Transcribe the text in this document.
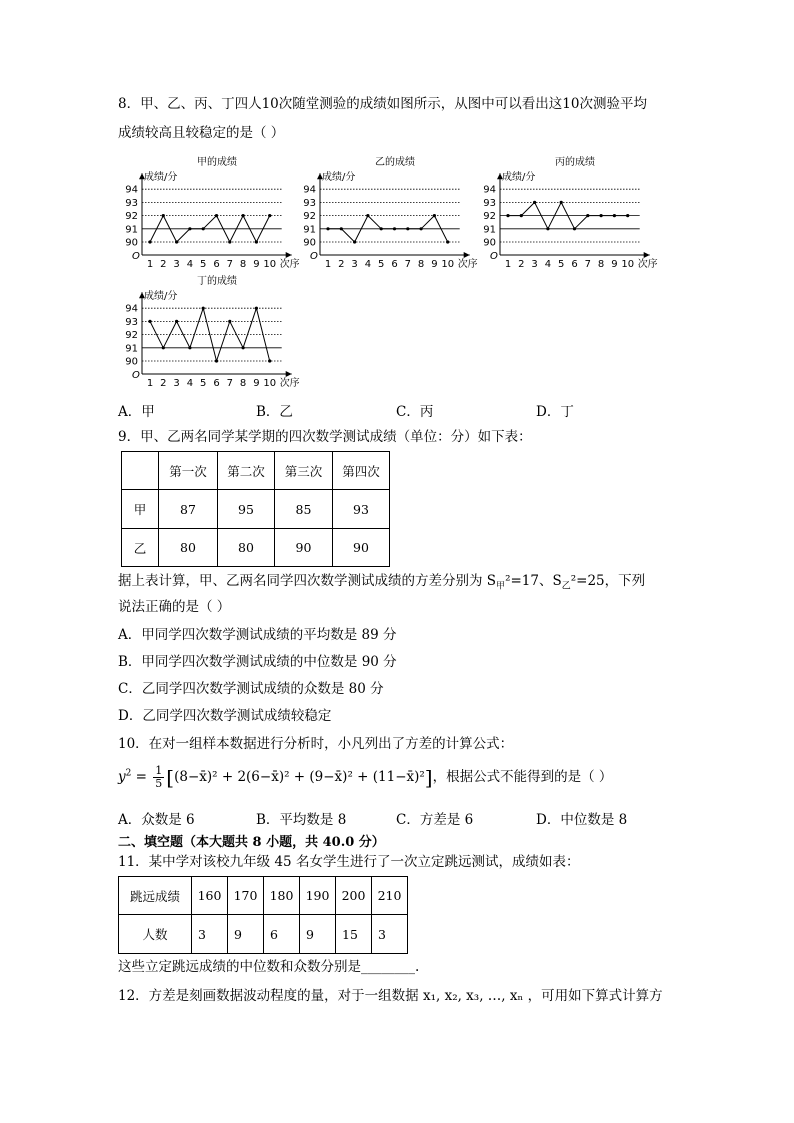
8．甲、乙、丙、丁四人10次随堂测验的成绩如图所示，从图中可以看出这10次测验平均
成绩较高且较稳定的是（ ）
O
甲的成绩
成绩/分
次序
90
91
92
93
94
1 2 3 4 5 6 7 8 9 10
O
乙的成绩
成绩/分
次序
90
91
92
93
94
1 2 3 4 5 6 7 8 9 10
O
丙的成绩
成绩/分
次序
90
91
92
93
94
1 2 3 4 5 6 7 8 9 10
O
丁的成绩
成绩/分
次序
90
91
92
93
94
1 2 3 4 5 6 7 8 9 10
A．甲	B．乙	C．丙	D．丁
9．甲、乙两名同学某学期的四次数学测试成绩（单位：分）如下表：
	第一次	第二次	第三次	第四次
甲	87	95	85	93
乙	80	80	90	90
据上表计算，甲、乙两名同学四次数学测试成绩的方差分别为 $S_甲^2=17$、$S_乙^2=25$，下列
说法正确的是（ ）
A．甲同学四次数学测试成绩的平均数是 89 分
B．甲同学四次数学测试成绩的中位数是 90 分
C．乙同学四次数学测试成绩的众数是 80 分
D．乙同学四次数学测试成绩较稳定
10．在对一组样本数据进行分析时，小凡列出了方差的计算公式：
$y^2 = \frac{1}{5}$ [(8−x̄)² + 2(6−x̄)² + (9−x̄)² + (11−x̄)²]，根据公式不能得到的是（ ）
A．众数是 6	B．平均数是 8	C．方差是 6	D．中位数是 8
二、填空题（本大题共 8 小题，共 40.0 分）
11．某中学对该校九年级 45 名女学生进行了一次立定跳远测试，成绩如表：
跳远成绩	160	170	180	190	200	210
人数	3	9	6	9	15	3
这些立定跳远成绩的中位数和众数分别是________.
12．方差是刻画数据波动程度的量，对于一组数据 x₁, x₂, x₃, …, xₙ ，可用如下算式计算方
